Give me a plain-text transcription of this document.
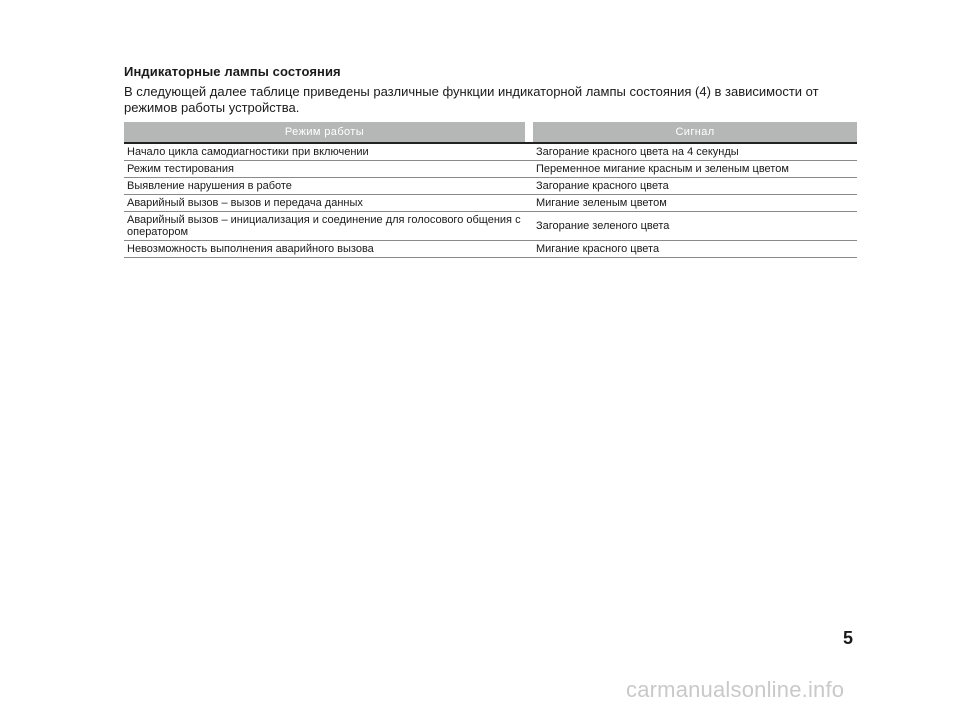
Индикаторные лампы состояния
В следующей далее таблице приведены различные функции индикаторной лампы состояния (4) в зависимости от режимов работы устройства.
Режим работы		Сигнал
Начало цикла самодиагностики при включении		Загорание красного цвета на 4 секунды
Режим тестирования		Переменное мигание красным и зеленым цветом
Выявление нарушения в работе		Загорание красного цвета
Аварийный вызов – вызов и передача данных		Мигание зеленым цветом
Аварийный вызов – инициализация и соединение для голосового общения с оператором		Загорание зеленого цвета
Невозможность выполнения аварийного вызова		Мигание красного цвета
5
carmanualsonline.info
